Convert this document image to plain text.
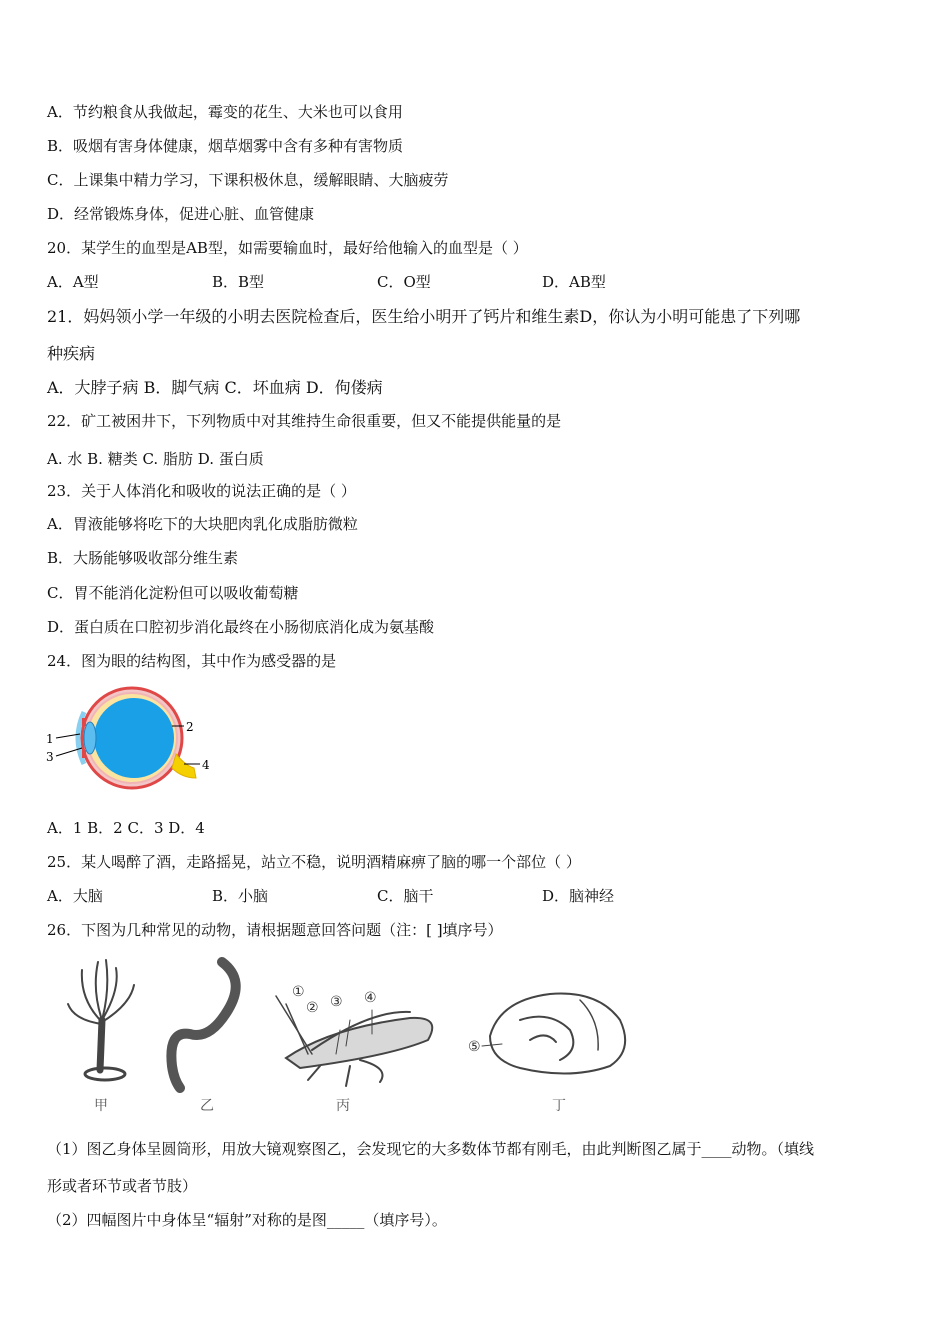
A．节约粮食从我做起，霉变的花生、大米也可以食用
B．吸烟有害身体健康，烟草烟雾中含有多种有害物质
C．上课集中精力学习，下课积极休息，缓解眼睛、大脑疲劳
D．经常锻炼身体，促进心脏、血管健康
20．某学生的血型是AB型，如需要输血时，最好给他输入的血型是（ ）
A．A型	B．B型	C．O型	D．AB型
21．妈妈领小学一年级的小明去医院检查后，医生给小明开了钙片和维生素D，你认为小明可能患了下列哪
种疾病
A．大脖子病 B．脚气病 C．坏血病 D．佝偻病
22．矿工被困井下，下列物质中对其维持生命很重要，但又不能提供能量的是
A. 水 B. 糖类 C. 脂肪 D. 蛋白质
23．关于人体消化和吸收的说法正确的是（ ）
A．胃液能够将吃下的大块肥肉乳化成脂肪微粒
B．大肠能够吸收部分维生素
C．胃不能消化淀粉但可以吸收葡萄糖
D．蛋白质在口腔初步消化最终在小肠彻底消化成为氨基酸
24．图为眼的结构图，其中作为感受器的是
1
2
3
4
A．1 B．2 C．3 D．4
25．某人喝醉了酒，走路摇晃，站立不稳，说明酒精麻痹了脑的哪一个部位（ ）
A．大脑	B．小脑	C．脑干	D．脑神经
26．下图为几种常见的动物，请根据题意回答问题（注：[ ]填序号）
①
② ③ ④
⑤
甲	乙	丙	丁
（1）图乙身体呈圆筒形，用放大镜观察图乙，会发现它的大多数体节都有刚毛，由此判断图乙属于____动物。（填线
形或者环节或者节肢）
（2）四幅图片中身体呈“辐射”对称的是图_____（填序号）。
